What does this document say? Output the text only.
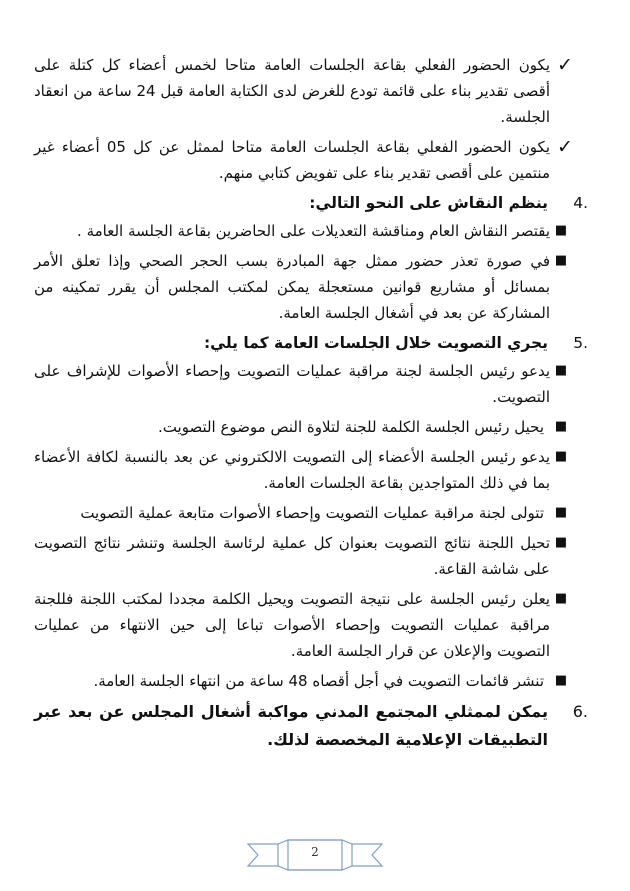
✓
يكون الحضور الفعلي بقاعة الجلسات العامة متاحا لخمس أعضاء كل كتلة على أقصى تقدير بناء على قائمة تودع للغرض لدى الكتابة العامة قبل 24 ساعة من انعقاد الجلسة.
✓
يكون الحضور الفعلي بقاعة الجلسات العامة متاحا لممثل عن كل 05 أعضاء غير منتمين على أقصى تقدير بناء على تفويض كتابي منهم.
4.
ينظم النقاش على النحو التالي:
■
يقتصر النقاش العام ومناقشة التعديلات على الحاضرين بقاعة الجلسة العامة .
■
في صورة تعذر حضور ممثل جهة المبادرة بسب الحجر الصحي وإذا تعلق الأمر بمسائل أو مشاريع قوانين مستعجلة يمكن لمكتب المجلس أن يقرر تمكينه من المشاركة عن بعد في أشغال الجلسة العامة.
5.
يجري التصويت خلال الجلسات العامة كما يلي:
■
يدعو رئيس الجلسة لجنة مراقبة عمليات التصويت وإحصاء الأصوات للإشراف على التصويت.
■
يحيل رئيس الجلسة الكلمة للجنة لتلاوة النص موضوع التصويت.
■
يدعو رئيس الجلسة الأعضاء إلى التصويت الالكتروني عن بعد بالنسبة لكافة الأعضاء بما في ذلك المتواجدين بقاعة الجلسات العامة.
■
تتولى لجنة مراقبة عمليات التصويت وإحصاء الأصوات متابعة عملية التصويت
■
تحيل اللجنة نتائج التصويت بعنوان كل عملية لرئاسة الجلسة وتنشر نتائج التصويت على شاشة القاعة.
■
يعلن رئيس الجلسة على نتيجة التصويت ويحيل الكلمة مجددا لمكتب اللجنة فللجنة مراقبة عمليات التصويت وإحصاء الأصوات تباعا إلى حين الانتهاء من عمليات التصويت والإعلان عن قرار الجلسة العامة.
■
تنشر قائمات التصويت في أجل أقصاه 48 ساعة من انتهاء الجلسة العامة.
6.
يمكن لممثلي المجتمع المدني مواكبة أشغال المجلس عن بعد عبر التطبيقات الإعلامية المخصصة لذلك.
2
